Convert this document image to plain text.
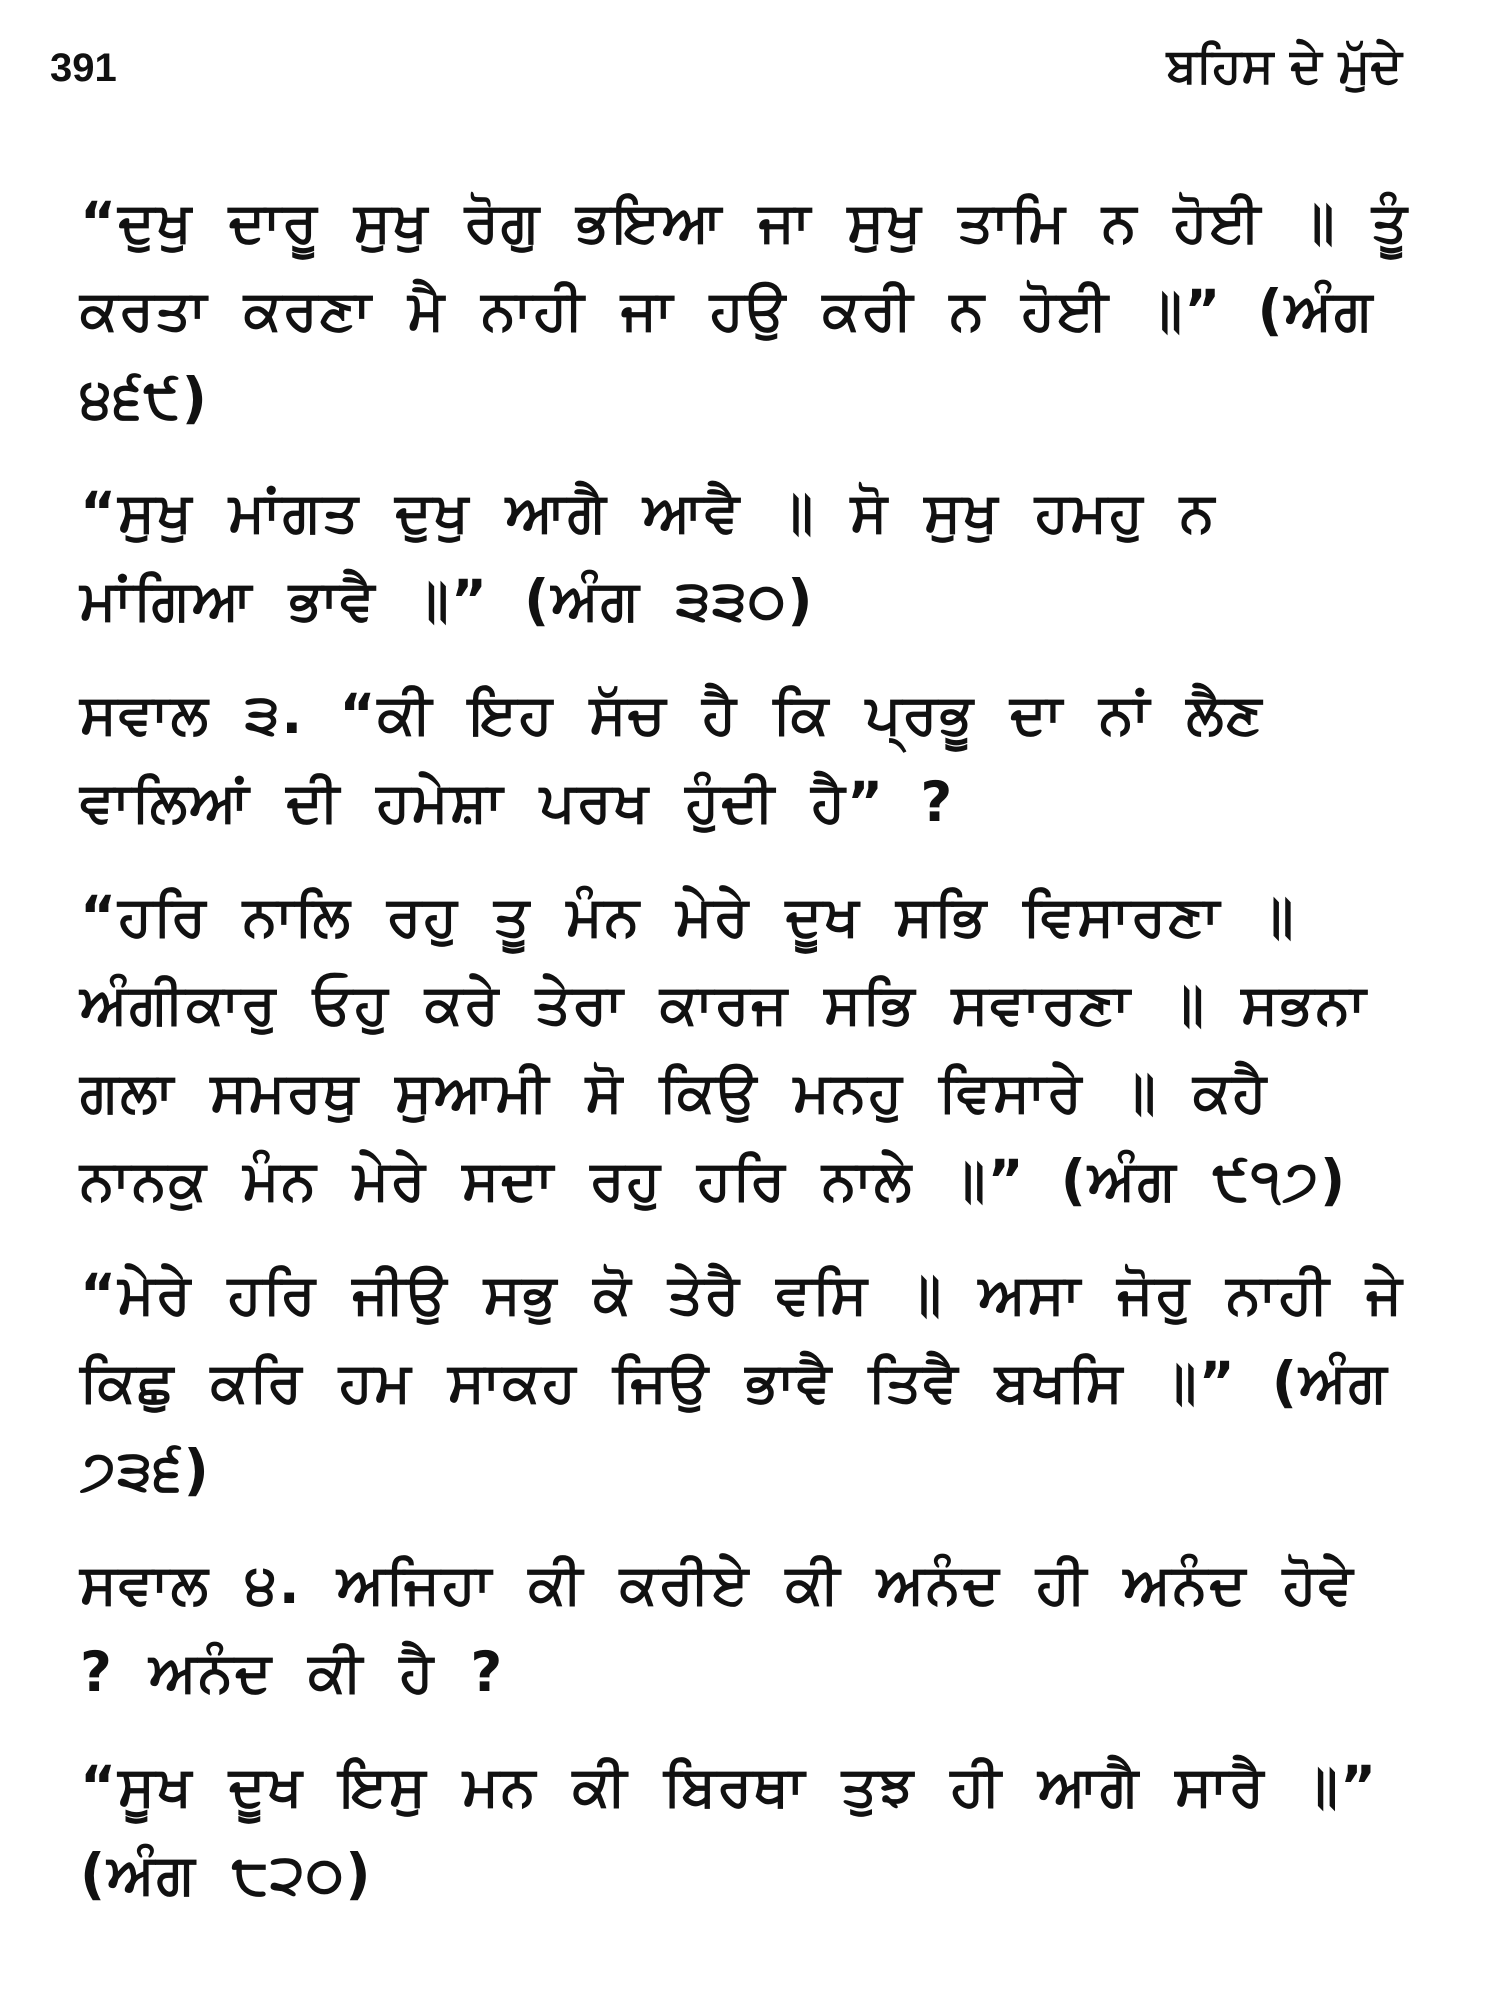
391	ਬਹਿਸ ਦੇ ਮੁੱਦੇ

“ਦੁਖੁ ਦਾਰੂ ਸੁਖੁ ਰੋਗੁ ਭਇਆ ਜਾ ਸੁਖੁ ਤਾਮਿ ਨ ਹੋਈ ॥ ਤੂੰ ਕਰਤਾ ਕਰਣਾ ਮੈ ਨਾਹੀ ਜਾ ਹਉ ਕਰੀ ਨ ਹੋਈ ॥” (ਅੰਗ ੪੬੯)

“ਸੁਖੁ ਮਾਂਗਤ ਦੁਖੁ ਆਗੈ ਆਵੈ ॥ ਸੋ ਸੁਖੁ ਹਮਹੁ ਨ ਮਾਂਗਿਆ ਭਾਵੈ ॥” (ਅੰਗ ੩੩੦)

ਸਵਾਲ ੩. “ਕੀ ਇਹ ਸੱਚ ਹੈ ਕਿ ਪ੍ਰਭੂ ਦਾ ਨਾਂ ਲੈਣ ਵਾਲਿਆਂ ਦੀ ਹਮੇਸ਼ਾ ਪਰਖ ਹੁੰਦੀ ਹੈ” ?

“ਹਰਿ ਨਾਲਿ ਰਹੁ ਤੂ ਮੰਨ ਮੇਰੇ ਦੂਖ ਸਭਿ ਵਿਸਾਰਣਾ ॥ ਅੰਗੀਕਾਰੁ ਓਹੁ ਕਰੇ ਤੇਰਾ ਕਾਰਜ ਸਭਿ ਸਵਾਰਣਾ ॥ ਸਭਨਾ ਗਲਾ ਸਮਰਥੁ ਸੁਆਮੀ ਸੋ ਕਿਉ ਮਨਹੁ ਵਿਸਾਰੇ ॥ ਕਹੈ ਨਾਨਕੁ ਮੰਨ ਮੇਰੇ ਸਦਾ ਰਹੁ ਹਰਿ ਨਾਲੇ ॥” (ਅੰਗ ੯੧੭)

“ਮੇਰੇ ਹਰਿ ਜੀਉ ਸਭੁ ਕੋ ਤੇਰੈ ਵਸਿ ॥ ਅਸਾ ਜੋਰੁ ਨਾਹੀ ਜੇ ਕਿਛੁ ਕਰਿ ਹਮ ਸਾਕਹ ਜਿਉ ਭਾਵੈ ਤਿਵੈ ਬਖਸਿ ॥” (ਅੰਗ ੭੩੬)

ਸਵਾਲ ੪. ਅਜਿਹਾ ਕੀ ਕਰੀਏ ਕੀ ਅਨੰਦ ਹੀ ਅਨੰਦ ਹੋਵੇ ? ਅਨੰਦ ਕੀ ਹੈ ?

“ਸੂਖ ਦੂਖ ਇਸੁ ਮਨ ਕੀ ਬਿਰਥਾ ਤੁਝ ਹੀ ਆਗੈ ਸਾਰੈ ॥” (ਅੰਗ ੮੨੦)
